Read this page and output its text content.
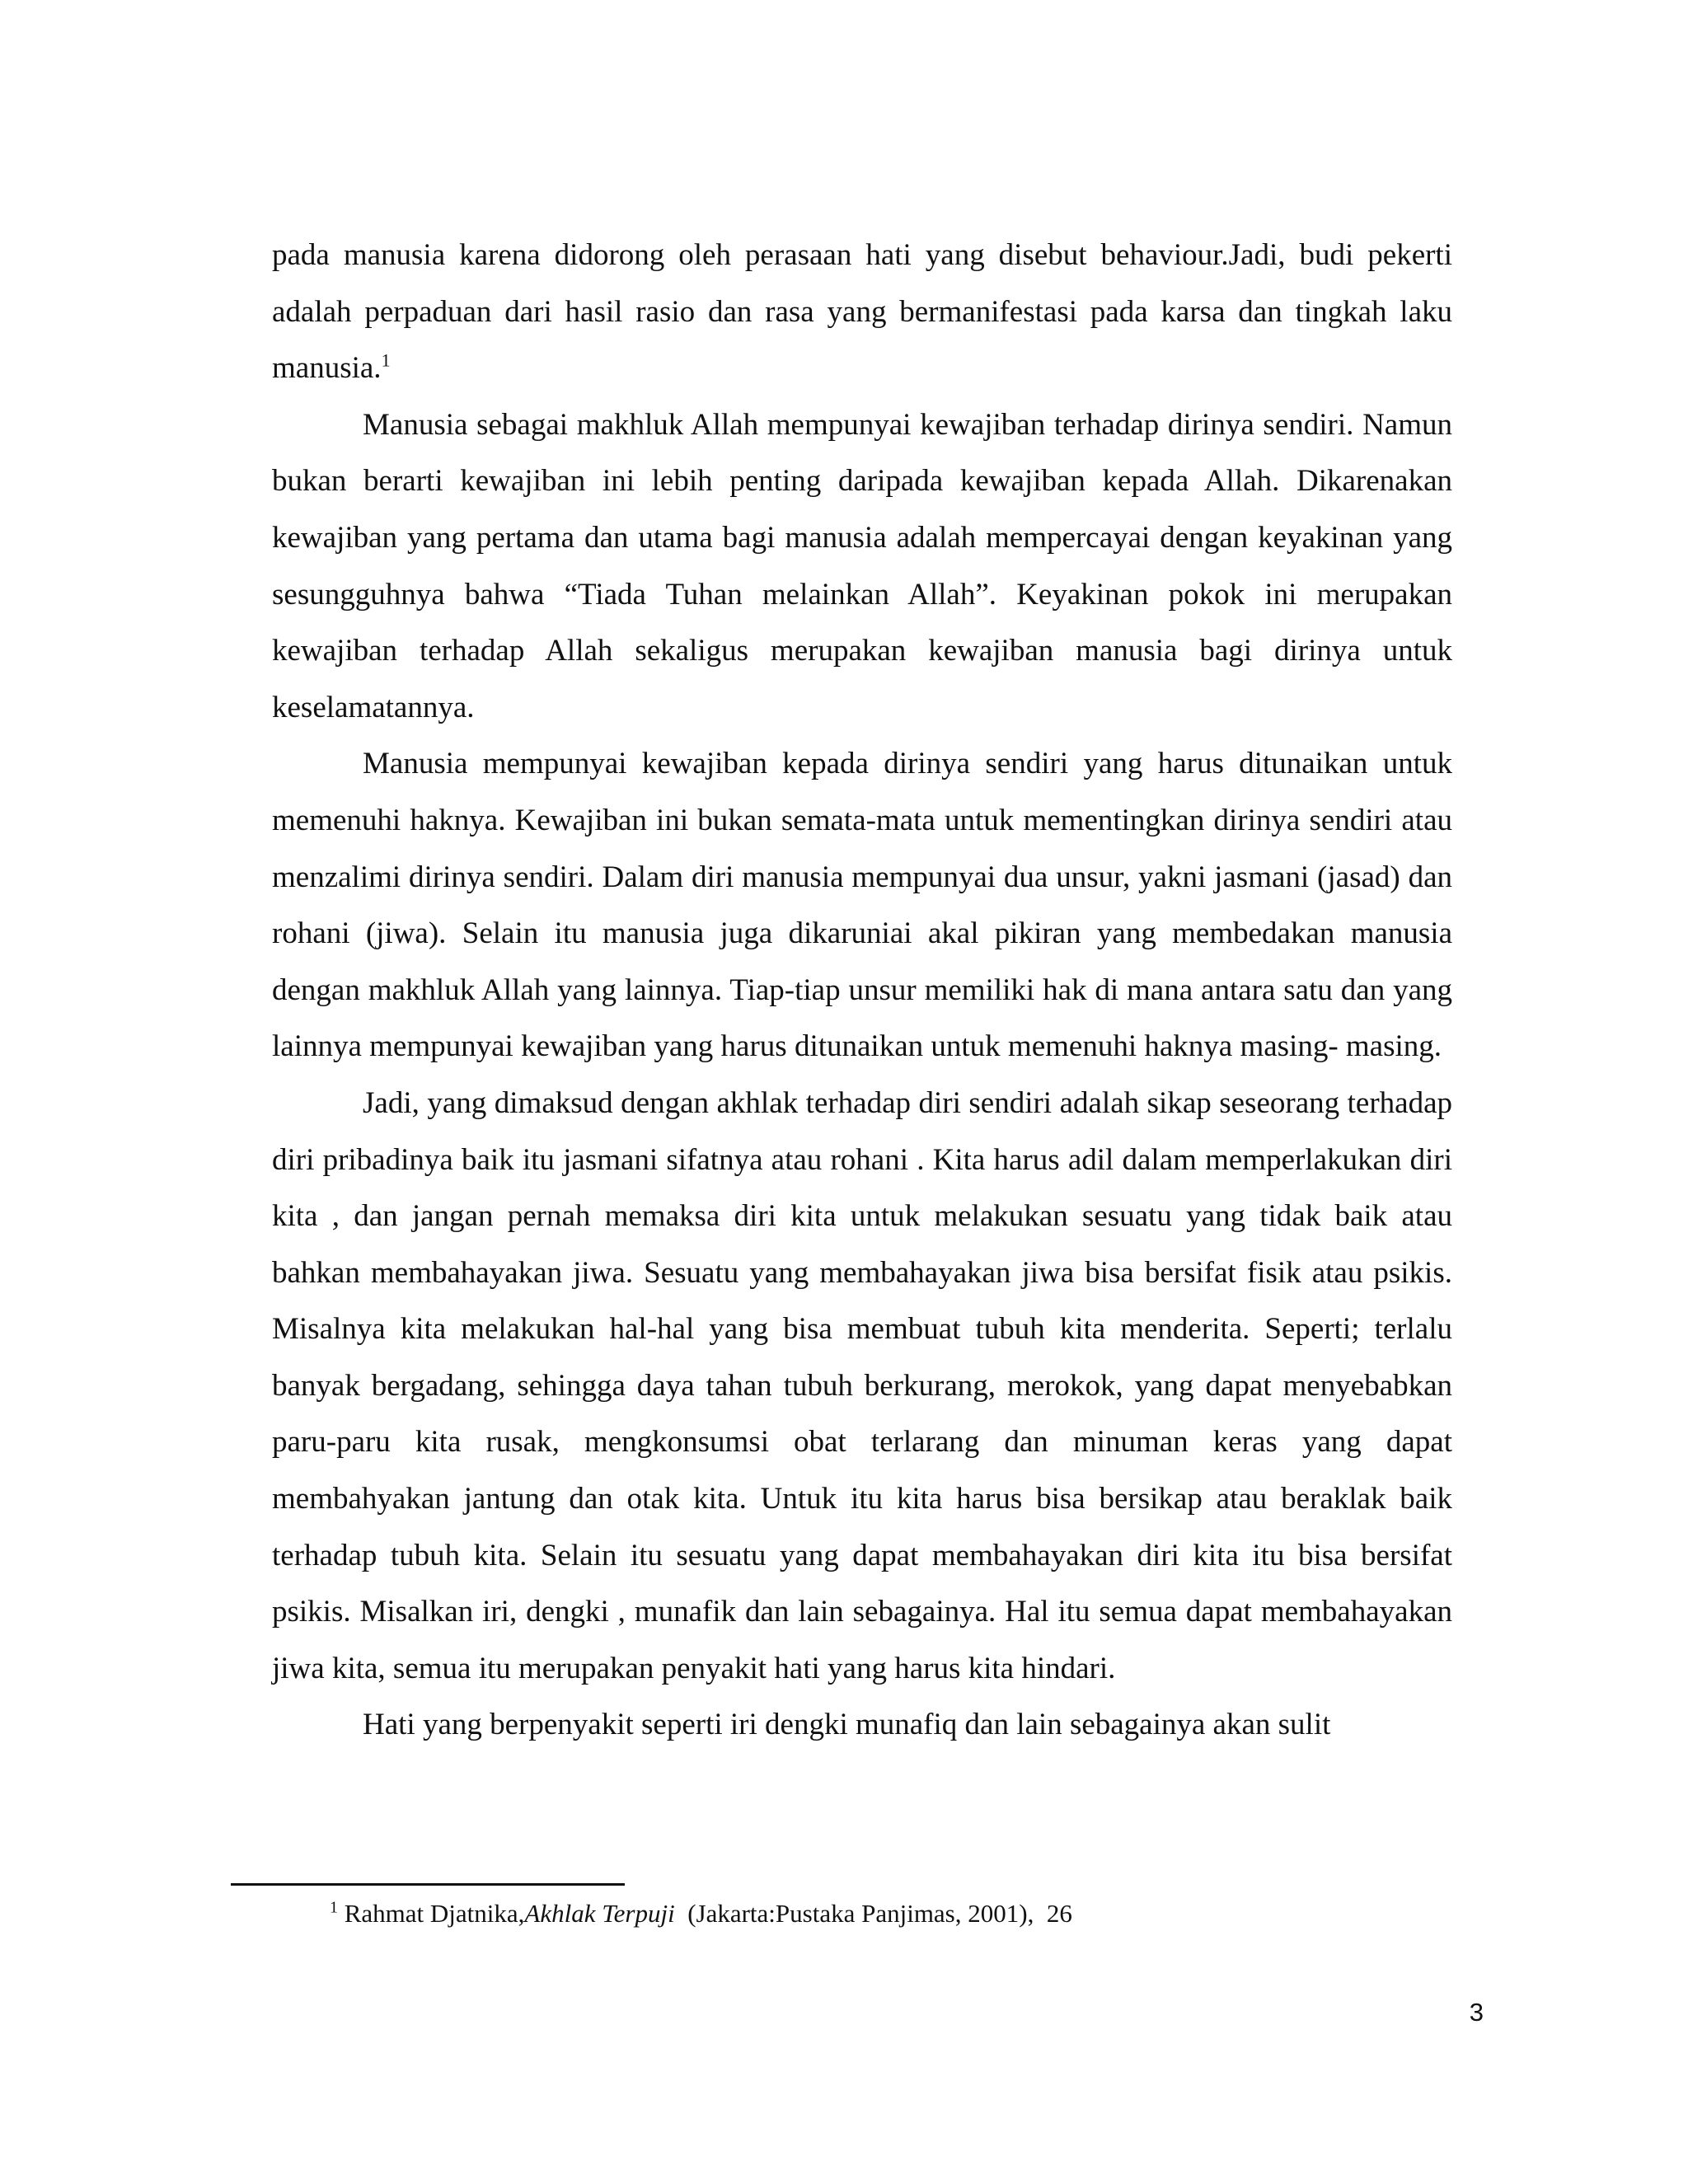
pada manusia karena didorong oleh perasaan hati yang disebut behaviour.Jadi, budi pekerti adalah perpaduan dari hasil rasio dan rasa yang bermanifestasi pada karsa dan tingkah laku manusia.$^1$

Manusia sebagai makhluk Allah mempunyai kewajiban terhadap dirinya sendiri. Namun bukan berarti kewajiban ini lebih penting daripada kewajiban kepada Allah. Dikarenakan kewajiban yang pertama dan utama bagi manusia adalah mempercayai dengan keyakinan yang sesungguhnya bahwa “Tiada Tuhan melainkan Allah”. Keyakinan pokok ini merupakan kewajiban terhadap Allah sekaligus merupakan kewajiban manusia bagi dirinya untuk keselamatannya.

Manusia mempunyai kewajiban kepada dirinya sendiri yang harus ditunaikan untuk memenuhi haknya. Kewajiban ini bukan semata-mata untuk mementingkan dirinya sendiri atau menzalimi dirinya sendiri. Dalam diri manusia mempunyai dua unsur, yakni jasmani (jasad) dan rohani (jiwa). Selain itu manusia juga dikaruniai akal pikiran yang membedakan manusia dengan makhluk Allah yang lainnya. Tiap-tiap unsur memiliki hak di mana antara satu dan yang lainnya mempunyai kewajiban yang harus ditunaikan untuk memenuhi haknya masing- masing.

Jadi, yang dimaksud dengan akhlak terhadap diri sendiri adalah sikap seseorang terhadap diri pribadinya baik itu jasmani sifatnya atau rohani . Kita harus adil dalam memperlakukan diri kita , dan jangan pernah memaksa diri kita untuk melakukan sesuatu yang tidak baik atau bahkan membahayakan jiwa. Sesuatu yang membahayakan jiwa bisa bersifat fisik atau psikis. Misalnya kita melakukan hal-hal yang bisa membuat tubuh kita menderita. Seperti; terlalu banyak bergadang, sehingga daya tahan tubuh berkurang, merokok, yang dapat menyebabkan paru-paru kita rusak, mengkonsumsi obat terlarang dan minuman keras yang dapat membahyakan jantung dan otak kita. Untuk itu kita harus bisa bersikap atau beraklak baik terhadap tubuh kita. Selain itu sesuatu yang dapat membahayakan diri kita itu bisa bersifat psikis. Misalkan iri, dengki , munafik dan lain sebagainya. Hal itu semua dapat membahayakan jiwa kita, semua itu merupakan penyakit hati yang harus kita hindari.

Hati yang berpenyakit seperti iri dengki munafiq dan lain sebagainya akan sulit

$^1$ Rahmat Djatnika,Akhlak Terpuji  (Jakarta:Pustaka Panjimas, 2001),  26
3
